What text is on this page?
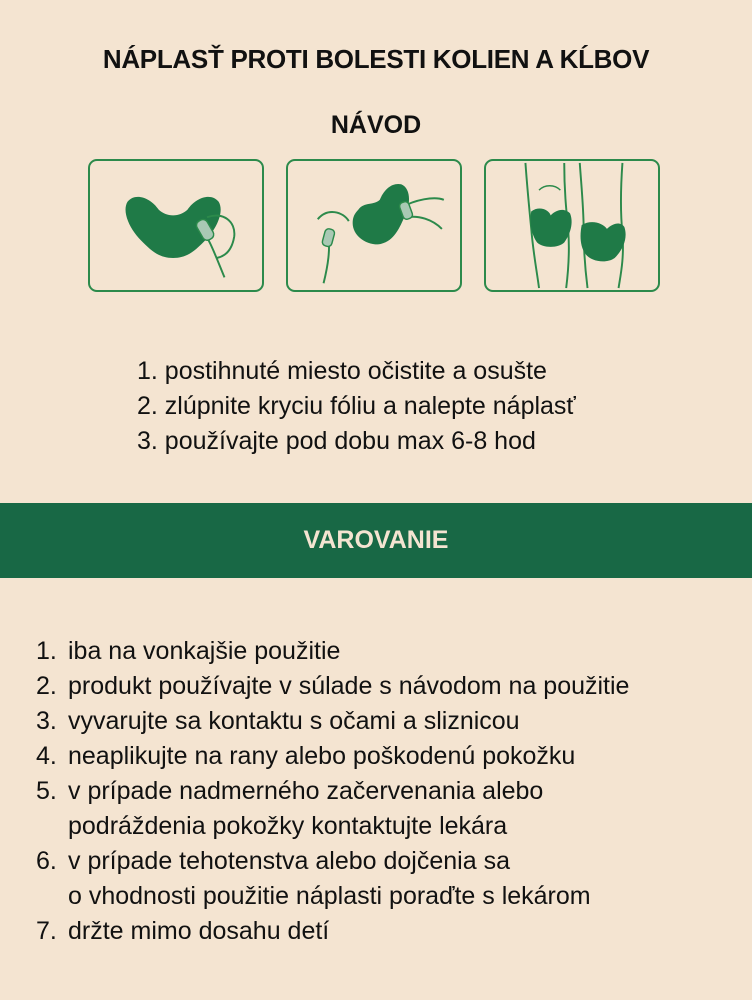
NÁPLASŤ PROTI BOLESTI KOLIEN A KĹBOV
NÁVOD
1. postihnuté miesto očistite a osušte
2. zlúpnite kryciu fóliu a nalepte náplasť
3. používajte pod dobu max 6-8 hod
VAROVANIE
1. iba na vonkajšie použitie
2. produkt používajte v súlade s návodom na použitie
3. vyvarujte sa kontaktu s očami a sliznicou
4. neaplikujte na rany alebo poškodenú pokožku
5. v prípade nadmerného začervenania alebo
podráždenia pokožky kontaktujte lekára
6. v prípade tehotenstva alebo dojčenia sa
o vhodnosti použitie náplasti poraďte s lekárom
7. držte mimo dosahu detí
